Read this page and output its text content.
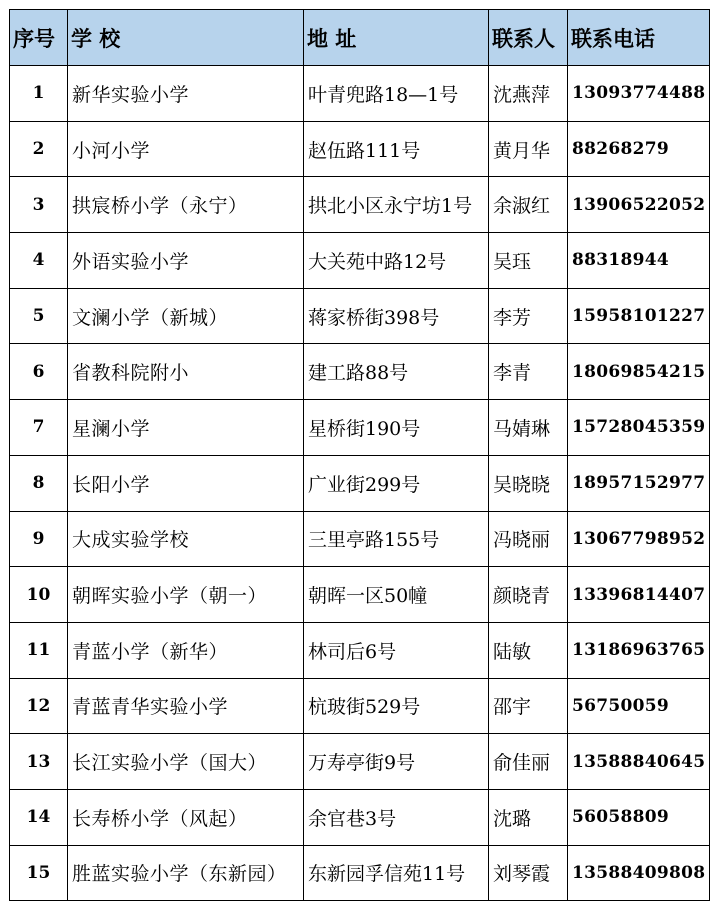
序号	学 校	地 址	联系人	联系电话
1	新华实验小学	叶青兜路18—1号	沈燕萍	13093774488
2	小河小学	赵伍路111号	黄月华	88268279
3	拱宸桥小学（永宁）	拱北小区永宁坊1号	余淑红	13906522052
4	外语实验小学	大关苑中路12号	吴珏	88318944
5	文澜小学（新城）	蒋家桥街398号	李芳	15958101227
6	省教科院附小	建工路88号	李青	18069854215
7	星澜小学	星桥街190号	马婧琳	15728045359
8	长阳小学	广业街299号	吴晓晓	18957152977
9	大成实验学校	三里亭路155号	冯晓丽	13067798952
10	朝晖实验小学（朝一）	朝晖一区50幢	颜晓青	13396814407
11	青蓝小学（新华）	林司后6号	陆敏	13186963765
12	青蓝青华实验小学	杭玻街529号	邵宇	56750059
13	长江实验小学（国大）	万寿亭街9号	俞佳丽	13588840645
14	长寿桥小学（风起）	余官巷3号	沈璐	56058809
15	胜蓝实验小学（东新园）	东新园孚信苑11号	刘琴霞	13588409808
